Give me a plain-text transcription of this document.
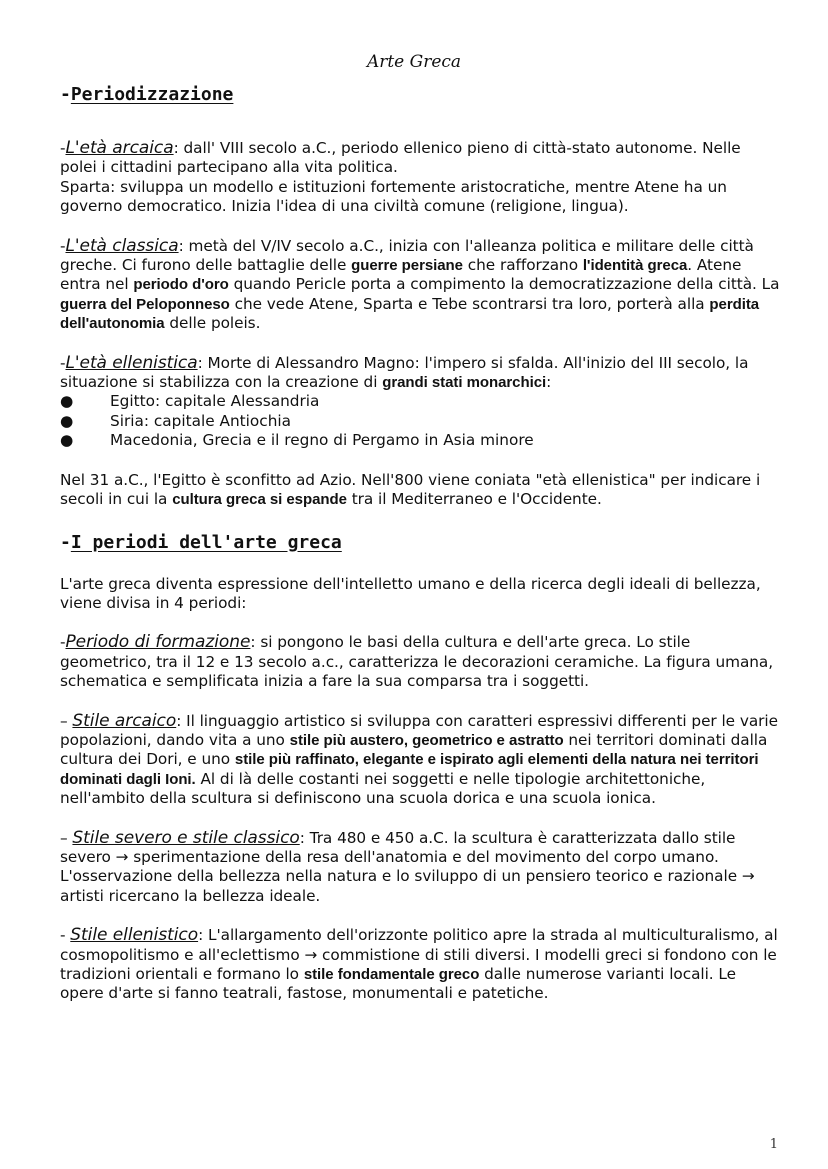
Arte Greca
-Periodizzazione

-L'età arcaica: dall' VIII secolo a.C., periodo ellenico pieno di città-stato autonome. Nelle polei i cittadini partecipano alla vita politica.

Sparta: sviluppa un modello e istituzioni fortemente aristocratiche, mentre Atene ha un governo democratico. Inizia l'idea di una civiltà comune (religione, lingua).

-L'età classica: metà del V/IV secolo a.C., inizia con l'alleanza politica e militare delle città greche. Ci furono delle battaglie delle guerre persiane che rafforzano l'identità greca. Atene entra nel periodo d'oro quando Pericle porta a compimento la democratizzazione della città. La guerra del Peloponneso che vede Atene, Sparta e Tebe scontrarsi tra loro, porterà alla perdita dell'autonomia delle poleis.

-L'età ellenistica: Morte di Alessandro Magno: l'impero si sfalda. All'inizio del III secolo, la situazione si stabilizza con la creazione di grandi stati monarchici:

● Egitto: capitale Alessandria
● Siria: capitale Antiochia
● Macedonia, Grecia e il regno di Pergamo in Asia minore

Nel 31 a.C., l'Egitto è sconfitto ad Azio. Nell'800 viene coniata "età ellenistica" per indicare i secoli in cui la cultura greca si espande tra il Mediterraneo e l'Occidente.

-I periodi dell'arte greca

L'arte greca diventa espressione dell'intelletto umano e della ricerca degli ideali di bellezza, viene divisa in 4 periodi:

-Periodo di formazione: si pongono le basi della cultura e dell'arte greca. Lo stile geometrico, tra il 12 e 13 secolo a.c., caratterizza le decorazioni ceramiche. La figura umana, schematica e semplificata inizia a fare la sua comparsa tra i soggetti.

– Stile arcaico: Il linguaggio artistico si sviluppa con caratteri espressivi differenti per le varie popolazioni, dando vita a uno stile più austero, geometrico e astratto nei territori dominati dalla cultura dei Dori, e uno stile più raffinato, elegante e ispirato agli elementi della natura nei territori dominati dagli Ioni. Al di là delle costanti nei soggetti e nelle tipologie architettoniche, nell'ambito della scultura si definiscono una scuola dorica e una scuola ionica.

– Stile severo e stile classico: Tra 480 e 450 a.C. la scultura è caratterizzata dallo stile severo → sperimentazione della resa dell'anatomia e del movimento del corpo umano. L'osservazione della bellezza nella natura e lo sviluppo di un pensiero teorico e razionale → artisti ricercano la bellezza ideale.

- Stile ellenistico: L'allargamento dell'orizzonte politico apre la strada al multiculturalismo, al cosmopolitismo e all'eclettismo → commistione di stili diversi. I modelli greci si fondono con le tradizioni orientali e formano lo stile fondamentale greco dalle numerose varianti locali. Le opere d'arte si fanno teatrali, fastose, monumentali e patetiche.

1
